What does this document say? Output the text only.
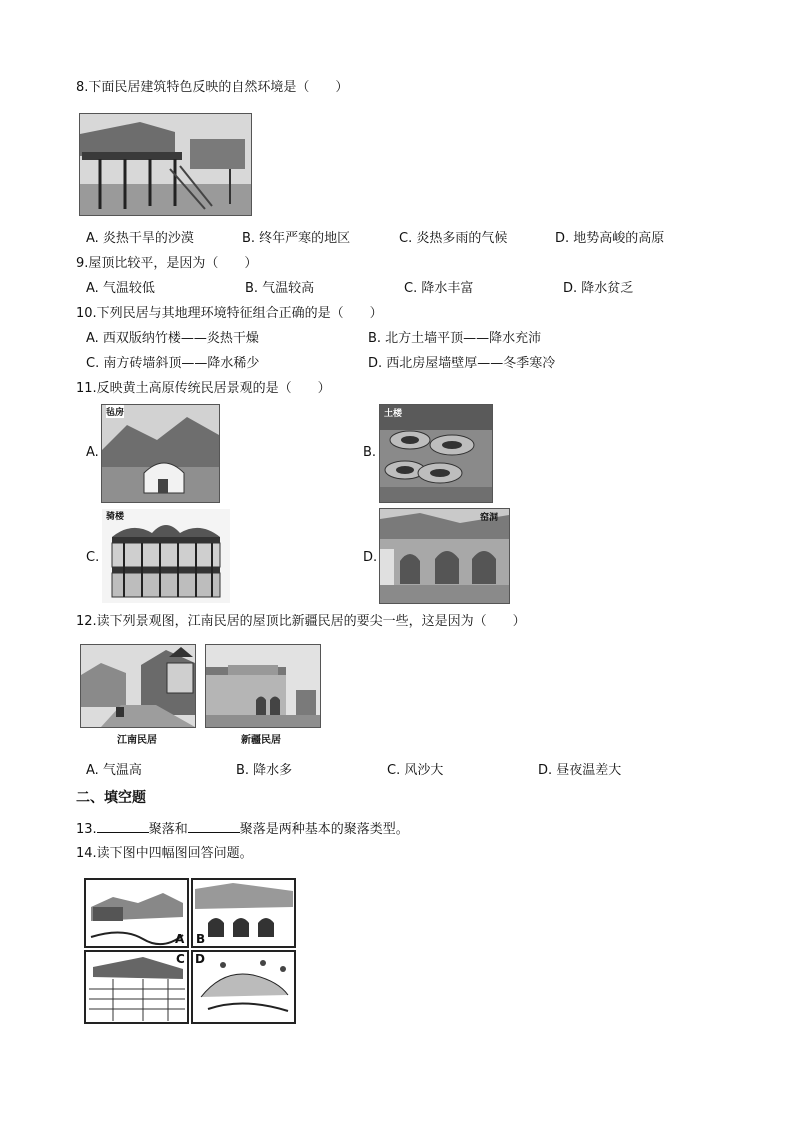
8.下面民居建筑特色反映的自然环境是（　　）
A. 炎热干旱的沙漠	B. 终年严寒的地区	C. 炎热多雨的气候	D. 地势高峻的高原
9.屋顶比较平，是因为（　　）
A. 气温较低	B. 气温较高	C. 降水丰富	D. 降水贫乏
10.下列民居与其地理环境特征组合正确的是（　　）
A. 西双版纳竹楼——炎热干燥	B. 北方土墙平顶——降水充沛
C. 南方砖墙斜顶——降水稀少	D. 西北房屋墙壁厚——冬季寒冷
11.反映黄土高原传统民居景观的是（　　）
A.
毡房
B.
土楼
C.
骑楼
D.
窑洞
12.读下列景观图，江南民居的屋顶比新疆民居的要尖一些，这是因为（　　）
江南民居	新疆民居
A. 气温高	B. 降水多	C. 风沙大	D. 昼夜温差大
二、填空题
13.	聚落和	聚落是两种基本的聚落类型。
14.读下图中四幅图回答问题。
A B
C D
